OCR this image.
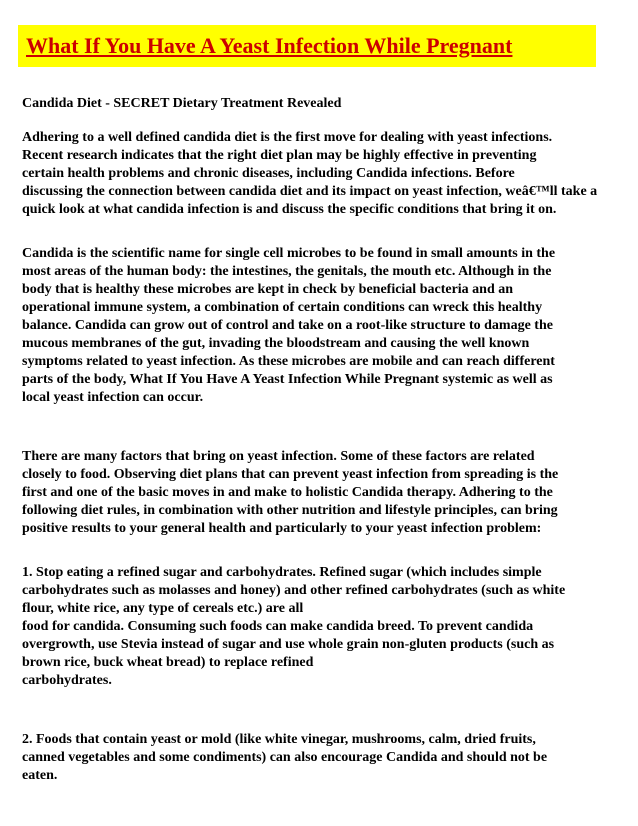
What If You Have A Yeast Infection While Pregnant

Candida Diet - SECRET Dietary Treatment Revealed

Adhering to a well defined candida diet is the first move for dealing with yeast infections.
Recent research indicates that the right diet plan may be highly effective in preventing
certain health problems and chronic diseases, including Candida infections. Before
discussing the connection between candida diet and its impact on yeast infection, weâ€™ll take a
quick look at what candida infection is and discuss the specific conditions that bring it on.

Candida is the scientific name for single cell microbes to be found in small amounts in the
most areas of the human body: the intestines, the genitals, the mouth etc. Although in the
body that is healthy these microbes are kept in check by beneficial bacteria and an
operational immune system, a combination of certain conditions can wreck this healthy
balance. Candida can grow out of control and take on a root-like structure to damage the
mucous membranes of the gut, invading the bloodstream and causing the well known
symptoms related to yeast infection. As these microbes are mobile and can reach different
parts of the body, What If You Have A Yeast Infection While Pregnant systemic as well as
local yeast infection can occur.

There are many factors that bring on yeast infection. Some of these factors are related
closely to food. Observing diet plans that can prevent yeast infection from spreading is the
first and one of the basic moves in and make to holistic Candida therapy. Adhering to the
following diet rules, in combination with other nutrition and lifestyle principles, can bring
positive results to your general health and particularly to your yeast infection problem:

1. Stop eating a refined sugar and carbohydrates. Refined sugar (which includes simple
carbohydrates such as molasses and honey) and other refined carbohydrates (such as white
flour, white rice, any type of cereals etc.) are all
food for candida. Consuming such foods can make candida breed. To prevent candida
overgrowth, use Stevia instead of sugar and use whole grain non-gluten products (such as
brown rice, buck wheat bread) to replace refined
carbohydrates.

2. Foods that contain yeast or mold (like white vinegar, mushrooms, calm, dried fruits,
canned vegetables and some condiments) can also encourage Candida and should not be
eaten.
